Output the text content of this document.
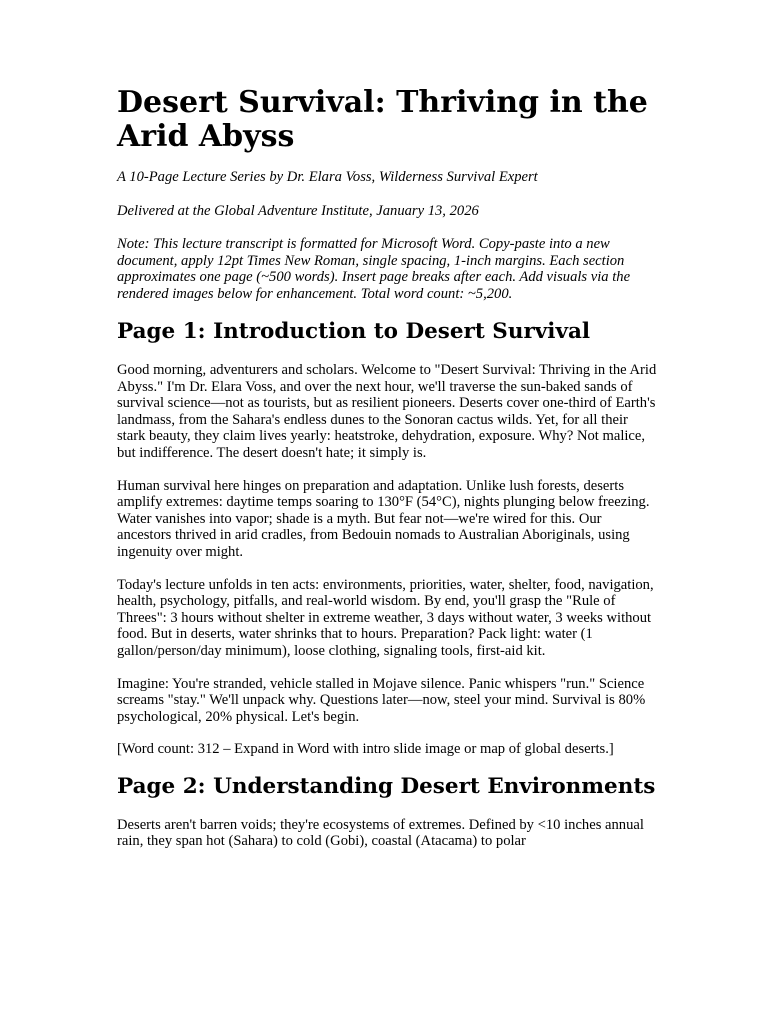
Desert Survival: Thriving in the Arid Abyss

A 10-Page Lecture Series by Dr. Elara Voss, Wilderness Survival Expert

Delivered at the Global Adventure Institute, January 13, 2026

Note: This lecture transcript is formatted for Microsoft Word. Copy-paste into a new document, apply 12pt Times New Roman, single spacing, 1-inch margins. Each section approximates one page (~500 words). Insert page breaks after each. Add visuals via the rendered images below for enhancement. Total word count: ~5,200.

Page 1: Introduction to Desert Survival

Good morning, adventurers and scholars. Welcome to "Desert Survival: Thriving in the Arid Abyss." I'm Dr. Elara Voss, and over the next hour, we'll traverse the sun-baked sands of survival science—not as tourists, but as resilient pioneers. Deserts cover one-third of Earth's landmass, from the Sahara's endless dunes to the Sonoran cactus wilds. Yet, for all their stark beauty, they claim lives yearly: heatstroke, dehydration, exposure. Why? Not malice, but indifference. The desert doesn't hate; it simply is.

Human survival here hinges on preparation and adaptation. Unlike lush forests, deserts amplify extremes: daytime temps soaring to 130°F (54°C), nights plunging below freezing. Water vanishes into vapor; shade is a myth. But fear not—we're wired for this. Our ancestors thrived in arid cradles, from Bedouin nomads to Australian Aboriginals, using ingenuity over might.

Today's lecture unfolds in ten acts: environments, priorities, water, shelter, food, navigation, health, psychology, pitfalls, and real-world wisdom. By end, you'll grasp the "Rule of Threes": 3 hours without shelter in extreme weather, 3 days without water, 3 weeks without food. But in deserts, water shrinks that to hours. Preparation? Pack light: water (1 gallon/person/day minimum), loose clothing, signaling tools, first-aid kit.

Imagine: You're stranded, vehicle stalled in Mojave silence. Panic whispers "run." Science screams "stay." We'll unpack why. Questions later—now, steel your mind. Survival is 80% psychological, 20% physical. Let's begin.

[Word count: 312 – Expand in Word with intro slide image or map of global deserts.]

Page 2: Understanding Desert Environments

Deserts aren't barren voids; they're ecosystems of extremes. Defined by <10 inches annual rain, they span hot (Sahara) to cold (Gobi), coastal (Atacama) to polar
